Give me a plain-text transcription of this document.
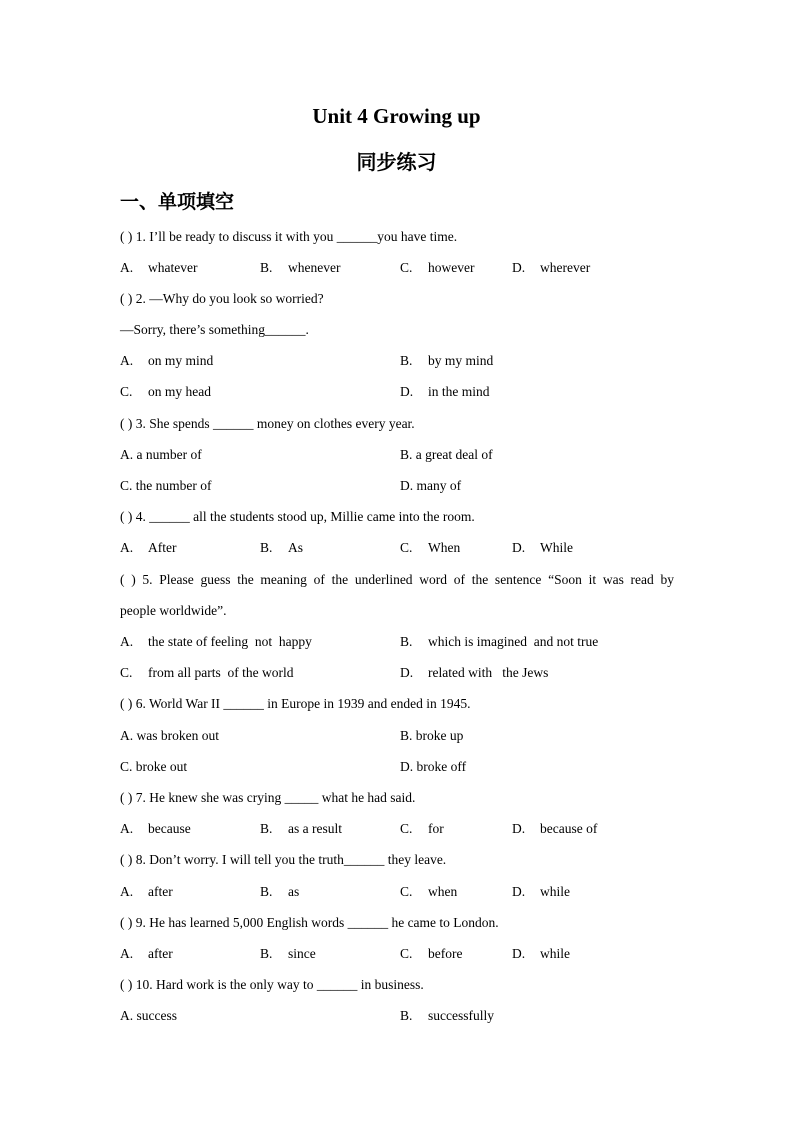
Unit 4 Growing up
同步练习
一、单项填空
( ) 1. I’ll be ready to discuss it with you ______you have time.
A. whatever	B. whenever	C. however	D. wherever
( ) 2. —Why do you look so worried?
—Sorry, there’s something______.
A. on my mind	B. by my mind
C. on my head	D. in the mind
( ) 3. She spends ______ money on clothes every year.
A. a number of	B. a great deal of
C. the number of	D. many of
( ) 4. ______ all the students stood up, Millie came into the room.
A. After	B. As	C. When	D. While
( ) 5. Please guess the meaning of the underlined word of the sentence “Soon it was read by
people worldwide”.
A. the state of feeling  not  happy	B. which is imagined  and not true
C. from all parts  of the world	D. related with   the Jews
( ) 6. World War II ______ in Europe in 1939 and ended in 1945.
A. was broken out	B. broke up
C. broke out	D. broke off
( ) 7. He knew she was crying _____ what he had said.
A. because	B. as a result	C. for	D. because of
( ) 8. Don’t worry. I will tell you the truth______ they leave.
A. after	B. as	C. when	D. while
( ) 9. He has learned 5,000 English words ______ he came to London.
A. after	B. since	C. before	D. while
( ) 10. Hard work is the only way to ______ in business.
A. success	B. successfully
